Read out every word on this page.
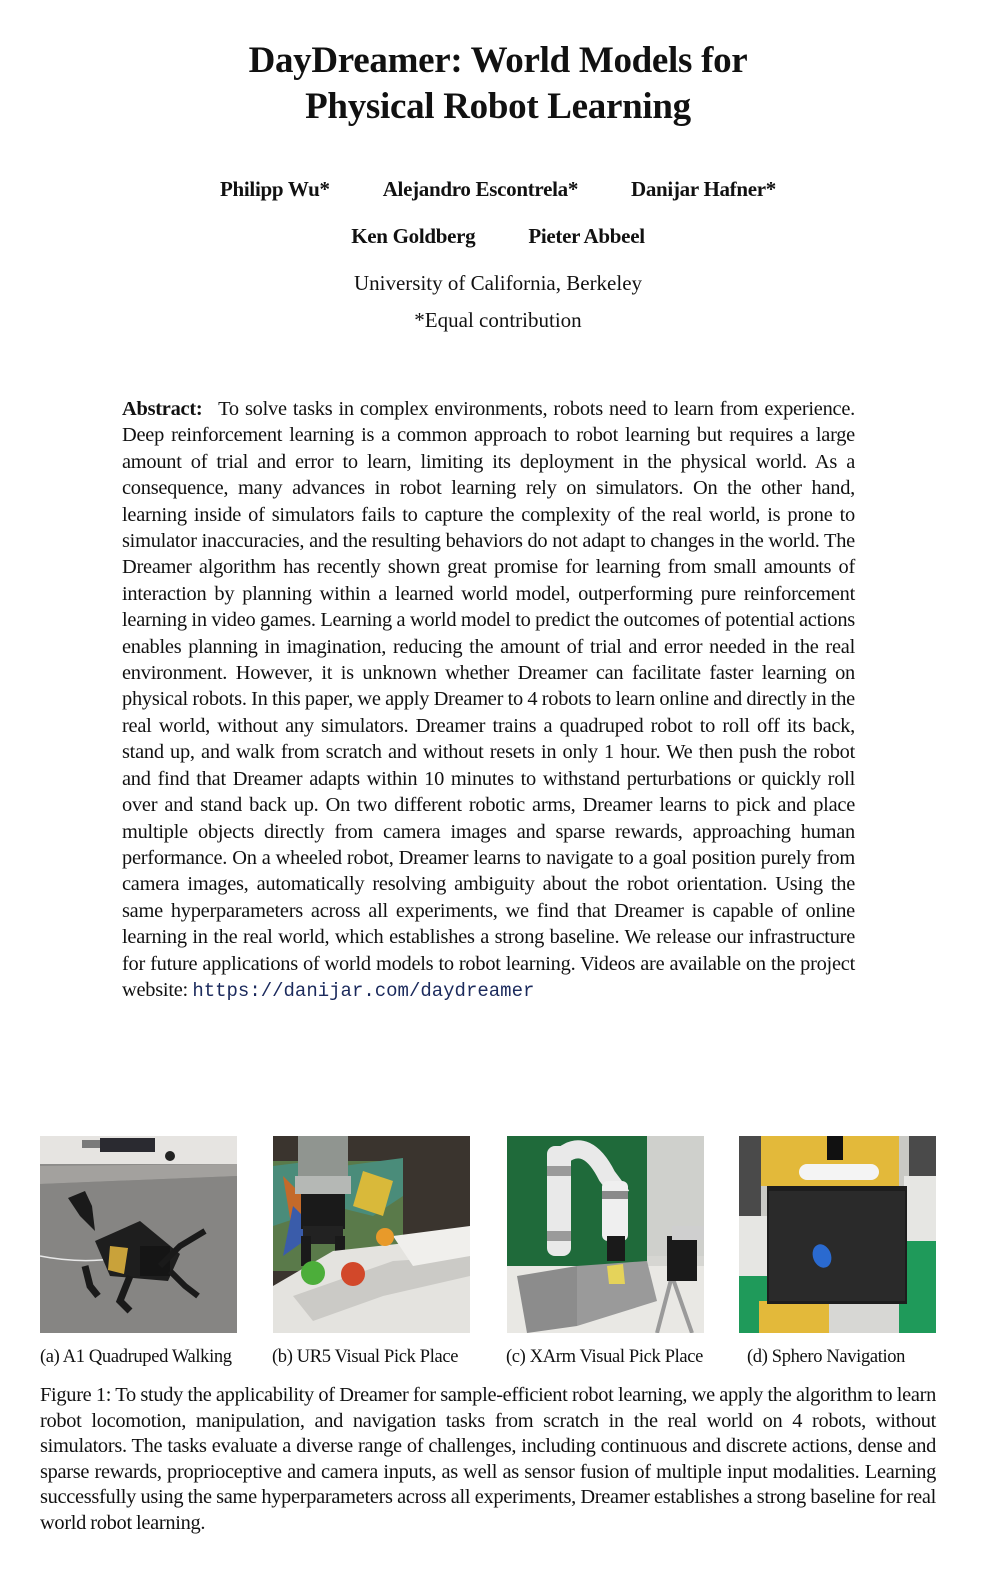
DayDreamer: World Models for
Physical Robot Learning
Philipp Wu*	Alejandro Escontrela*	Danijar Hafner*
Ken Goldberg	Pieter Abbeel
University of California, Berkeley
*Equal contribution
Abstract: To solve tasks in complex environments, robots need to learn from experience. Deep reinforcement learning is a common approach to robot learning but requires a large amount of trial and error to learn, limiting its deployment in the physical world. As a consequence, many advances in robot learning rely on simulators. On the other hand, learning inside of simulators fails to capture the complexity of the real world, is prone to simulator inaccuracies, and the resulting behaviors do not adapt to changes in the world. The Dreamer algorithm has recently shown great promise for learning from small amounts of interaction by planning within a learned world model, outperforming pure reinforcement learning in video games. Learning a world model to predict the outcomes of potential actions enables planning in imagination, reducing the amount of trial and error needed in the real environment. However, it is unknown whether Dreamer can facilitate faster learning on physical robots. In this paper, we apply Dreamer to 4 robots to learn online and directly in the real world, without any simulators. Dreamer trains a quadruped robot to roll off its back, stand up, and walk from scratch and without resets in only 1 hour. We then push the robot and find that Dreamer adapts within 10 minutes to withstand perturbations or quickly roll over and stand back up. On two different robotic arms, Dreamer learns to pick and place multiple objects directly from camera images and sparse rewards, approaching human performance. On a wheeled robot, Dreamer learns to navigate to a goal position purely from camera images, automatically resolving ambiguity about the robot orientation. Using the same hyperparameters across all experiments, we find that Dreamer is capable of online learning in the real world, which establishes a strong baseline. We release our infrastructure for future applications of world models to robot learning. Videos are available on the project website: https://danijar.com/daydreamer
(a) A1 Quadruped Walking (b) UR5 Visual Pick Place	(c) XArm Visual Pick Place (d) Sphero Navigation
Figure 1: To study the applicability of Dreamer for sample-efficient robot learning, we apply the algorithm to learn robot locomotion, manipulation, and navigation tasks from scratch in the real world on 4 robots, without simulators. The tasks evaluate a diverse range of challenges, including continuous and discrete actions, dense and sparse rewards, proprioceptive and camera inputs, as well as sensor fusion of multiple input modalities. Learning successfully using the same hyperparameters across all experiments, Dreamer establishes a strong baseline for real world robot learning.
